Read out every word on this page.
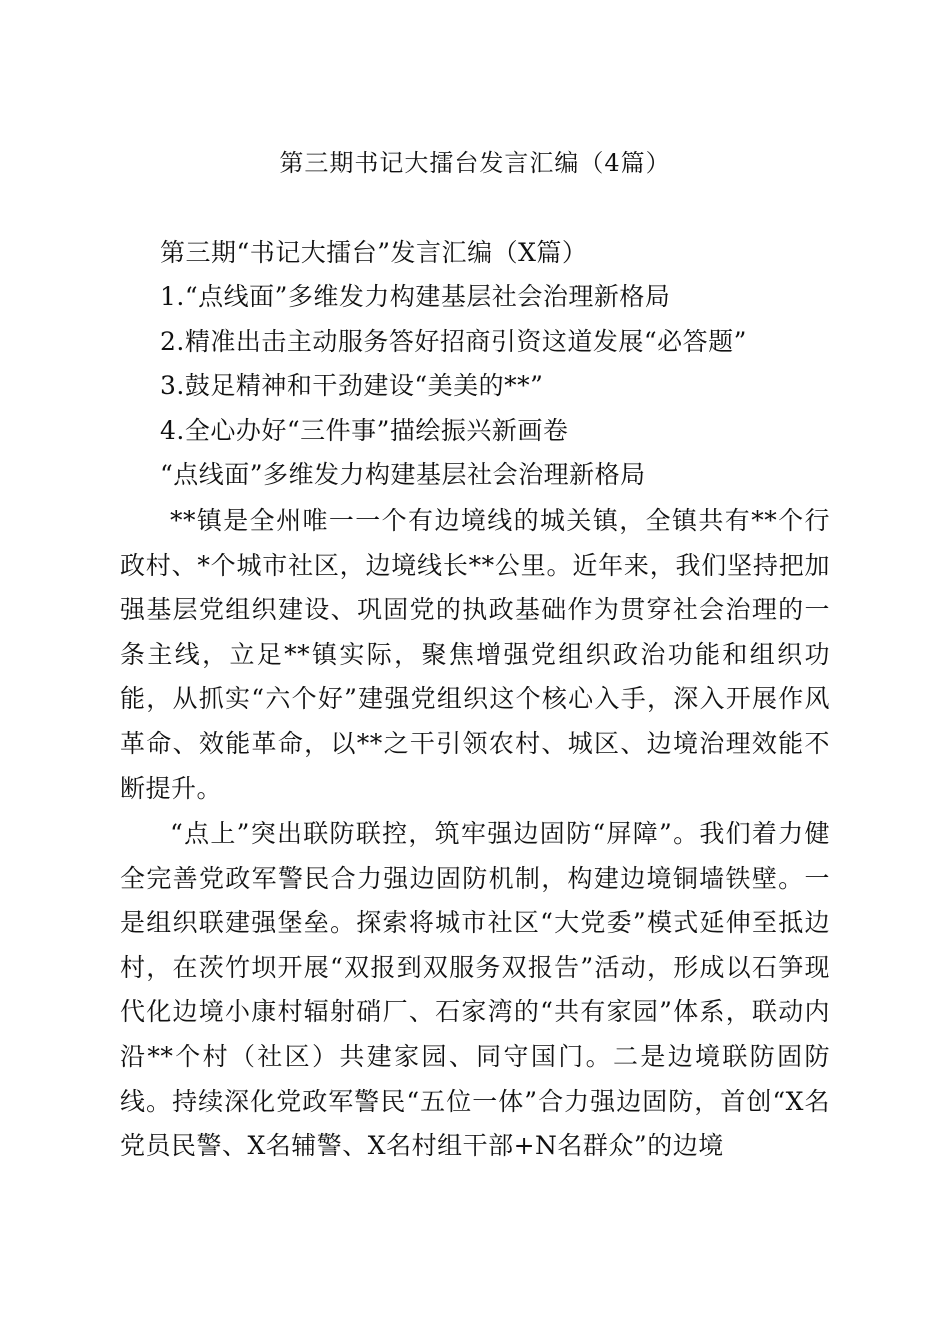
第三期书记大擂台发言汇编（4篇）
第三期“书记大擂台”发言汇编（X篇）
1.“点线面”多维发力构建基层社会治理新格局
2.精准出击主动服务答好招商引资这道发展“必答题”
3.鼓足精神和干劲建设“美美的**”
4.全心办好“三件事”描绘振兴新画卷
“点线面”多维发力构建基层社会治理新格局

**镇是全州唯一一个有边境线的城关镇，全镇共有**个行政村、*个城市社区，边境线长**公里。近年来，我们坚持把加强基层党组织建设、巩固党的执政基础作为贯穿社会治理的一条主线，立足**镇实际，聚焦增强党组织政治功能和组织功能，从抓实“六个好”建强党组织这个核心入手，深入开展作风革命、效能革命，以**之干引领农村、城区、边境治理效能不断提升。

“点上”突出联防联控，筑牢强边固防“屏障”。我们着力健全完善党政军警民合力强边固防机制，构建边境铜墙铁壁。一是组织联建强堡垒。探索将城市社区“大党委”模式延伸至抵边村，在茨竹坝开展“双报到双服务双报告”活动，形成以石笋现代化边境小康村辐射硝厂、石家湾的“共有家园”体系，联动内沿**个村（社区）共建家园、同守国门。二是边境联防固防线。持续深化党政军警民“五位一体”合力强边固防，首创“X名党员民警、X名辅警、X名村组干部+N名群众”的边境
